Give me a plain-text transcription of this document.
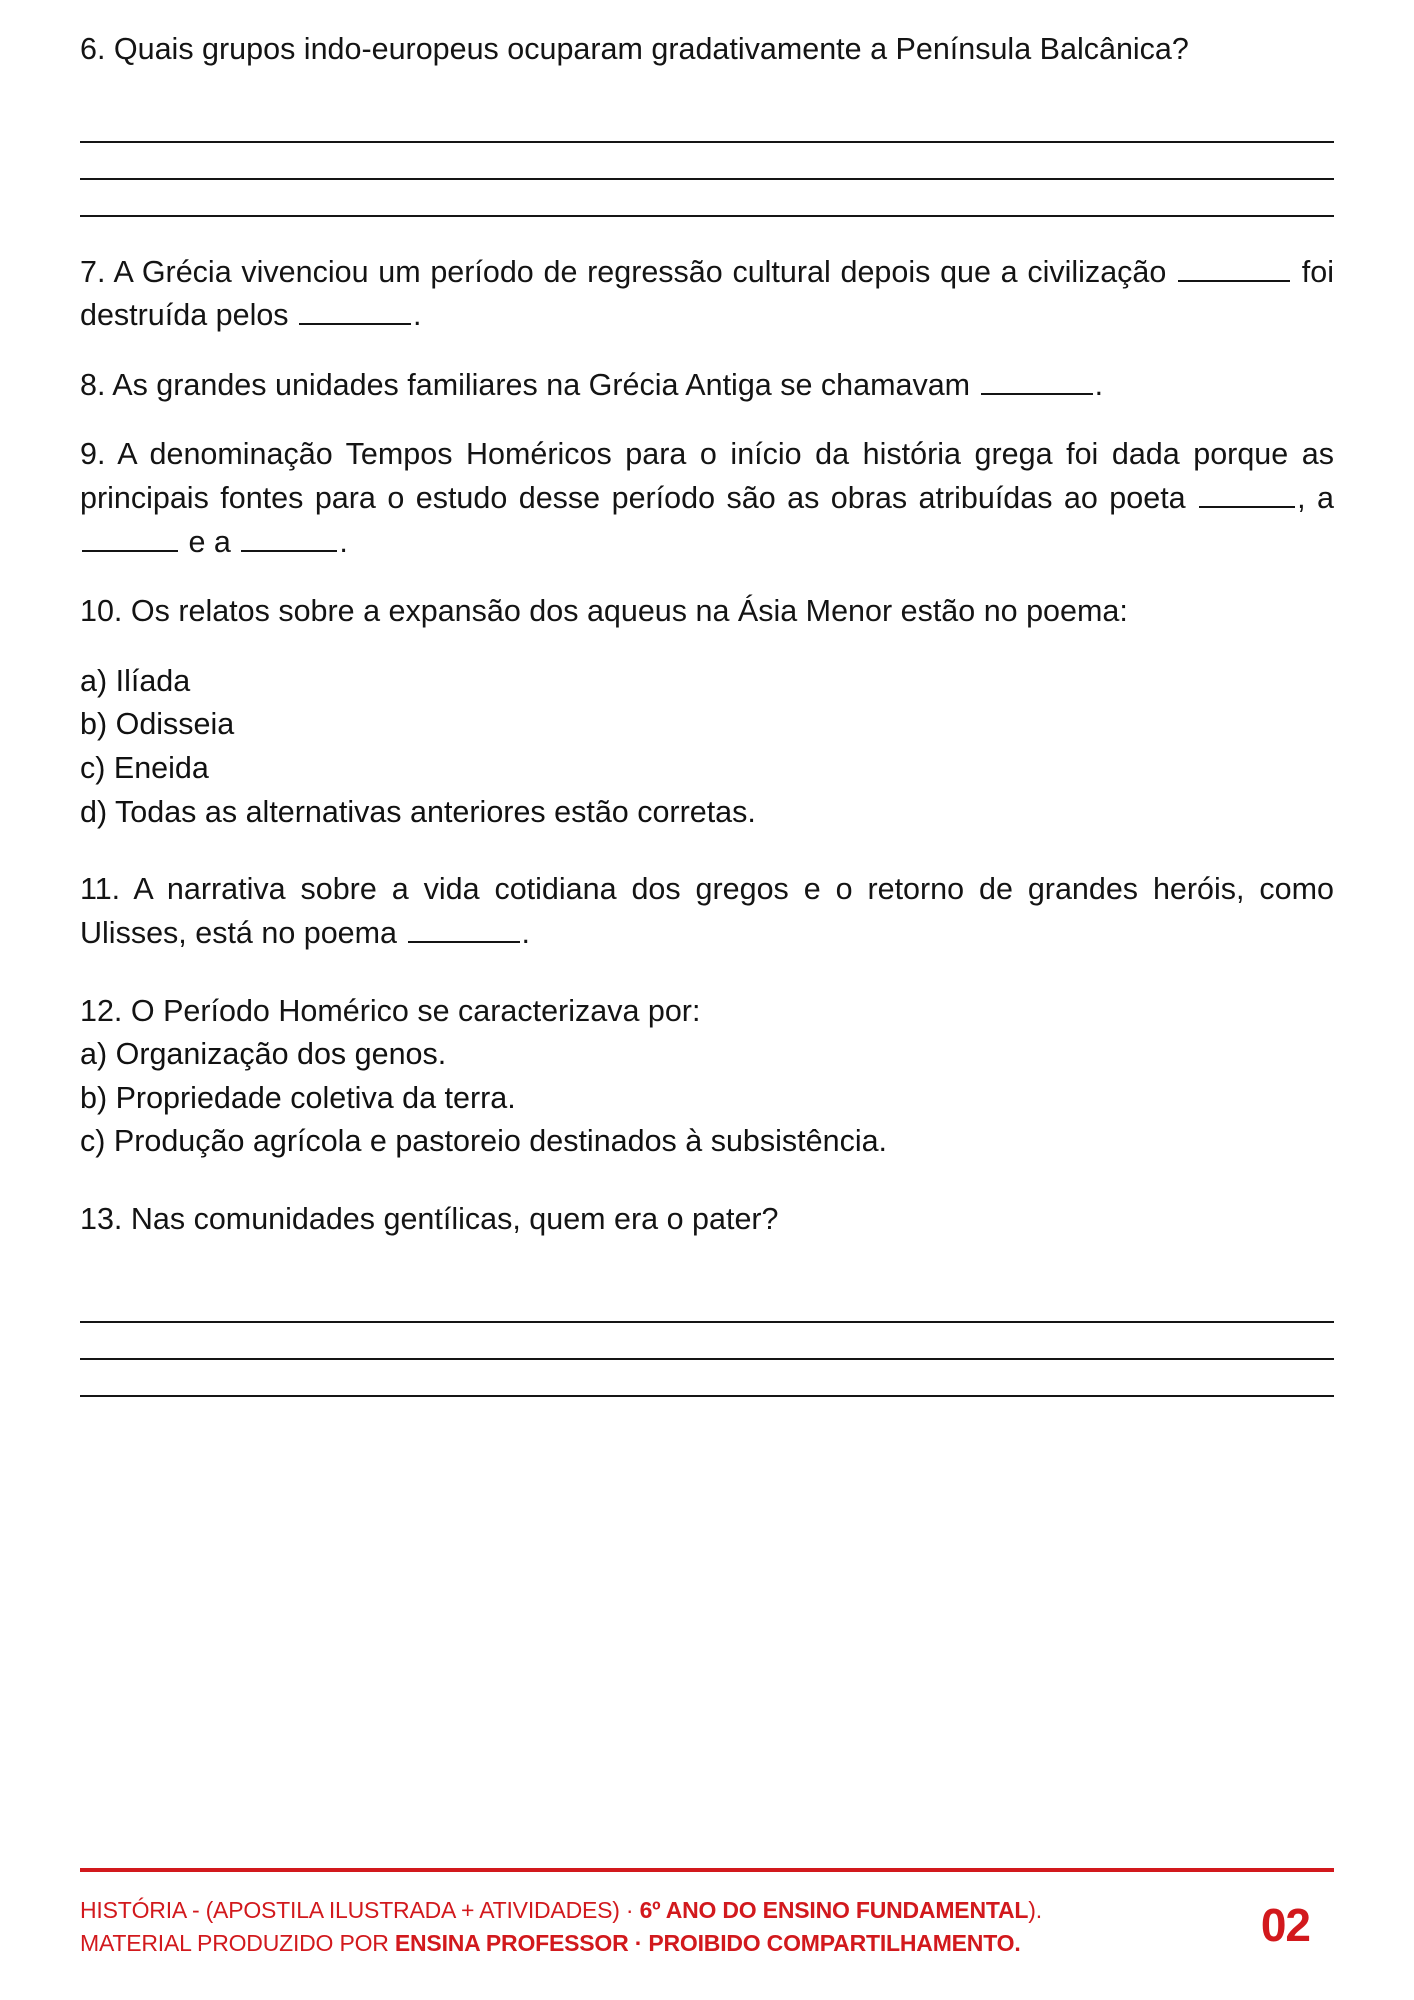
6. Quais grupos indo-europeus ocuparam gradativamente a Península Balcânica?

7. A Grécia vivenciou um período de regressão cultural depois que a civilização	foi destruída pelos	.

8. As grandes unidades familiares na Grécia Antiga se chamavam	.

9. A denominação Tempos Homéricos para o início da história grega foi dada porque as principais fontes para o estudo desse período são as obras atribuídas ao poeta	, a  e a	.

10. Os relatos sobre a expansão dos aqueus na Ásia Menor estão no poema:

a) Ilíada
b) Odisseia
c) Eneida
d) Todas as alternativas anteriores estão corretas.

11. A narrativa sobre a vida cotidiana dos gregos e o retorno de grandes heróis, como Ulisses, está no poema	.

12. O Período Homérico se caracterizava por:

a) Organização dos genos.
b) Propriedade coletiva da terra.
c) Produção agrícola e pastoreio destinados à subsistência.

13. Nas comunidades gentílicas, quem era o pater?

HISTÓRIA - (APOSTILA ILUSTRADA + ATIVIDADES) · 6º ANO DO ENSINO FUNDAMENTAL).
MATERIAL PRODUZIDO POR ENSINA PROFESSOR · PROIBIDO COMPARTILHAMENTO.	02
